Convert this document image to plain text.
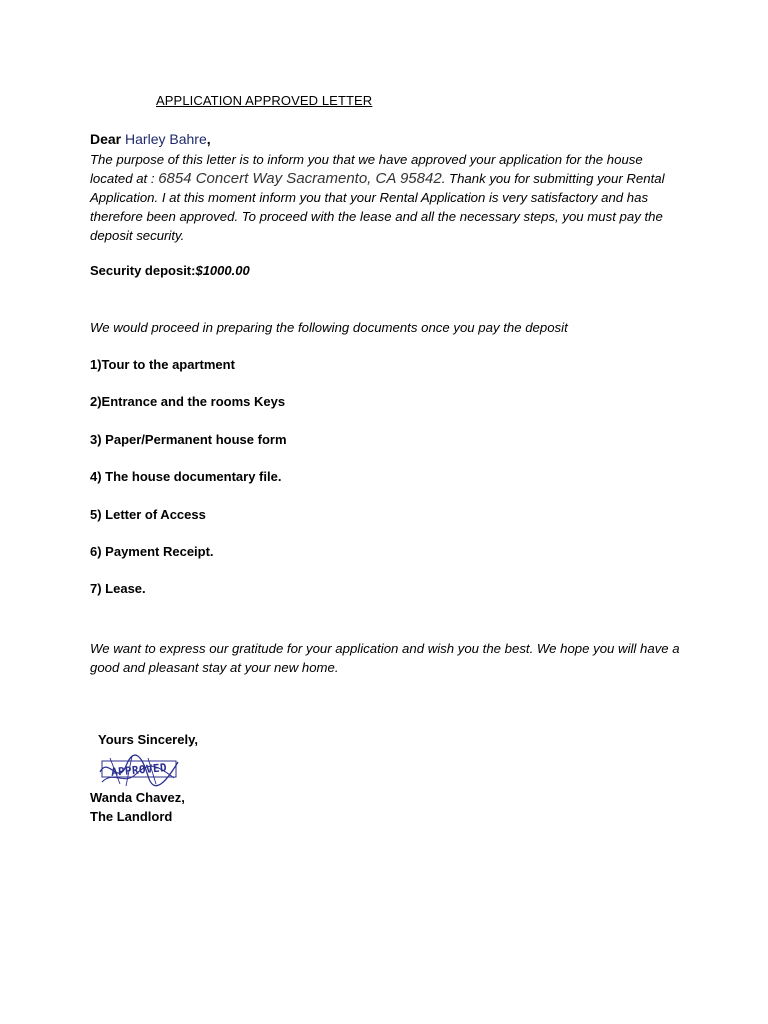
APPLICATION APPROVED LETTER
Dear Harley Bahre,

The purpose of this letter is to inform you that we have approved your application for the house located at : 6854 Concert Way Sacramento, CA 95842. Thank you for submitting your Rental Application. I at this moment inform you that your Rental Application is very satisfactory and has therefore been approved. To proceed with the lease and all the necessary steps, you must pay the deposit security.

Security deposit:$1000.00
We would proceed in preparing the following documents once you pay the deposit
1)Tour to the apartment
2)Entrance and the rooms Keys
3) Paper/Permanent house form
4) The house documentary file.
5) Letter of Access
6) Payment Receipt.
7) Lease.

We want to express our gratitude for your application and wish you the best. We hope you will have a good and pleasant stay at your new home.

Yours Sincerely,
APPROVED
Wanda Chavez,
The Landlord
